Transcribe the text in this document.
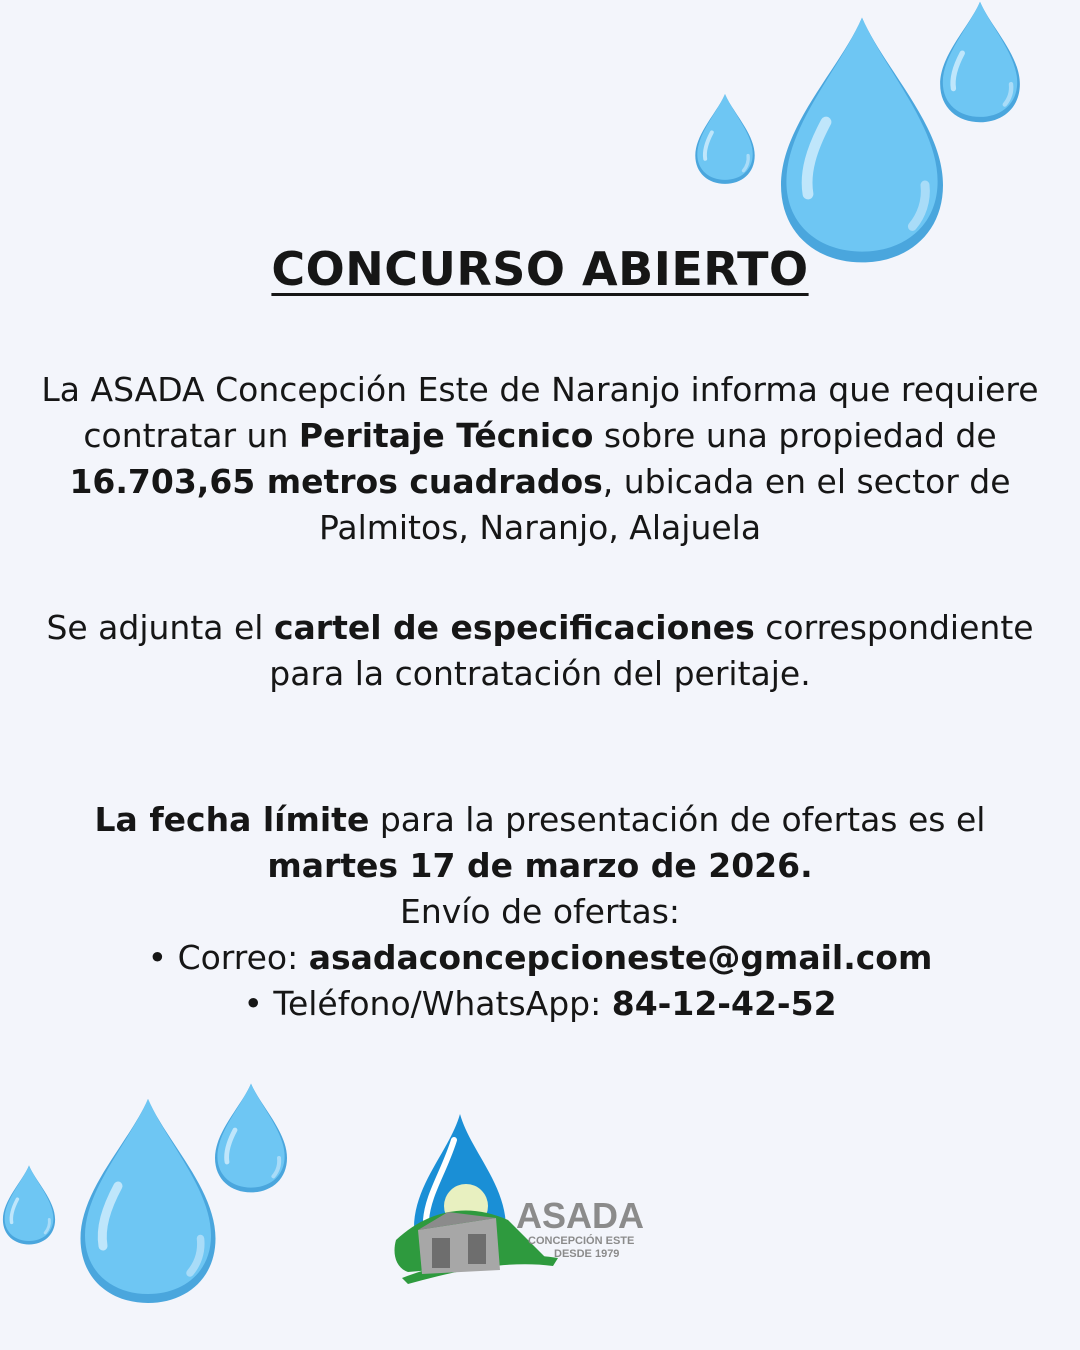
CONCURSO ABIERTO

La ASADA Concepción Este de Naranjo informa que requiere contratar un Peritaje Técnico sobre una propiedad de 16.703,65 metros cuadrados, ubicada en el sector de Palmitos, Naranjo, Alajuela

Se adjunta el cartel de especificaciones correspondiente para la contratación del peritaje.

La fecha límite para la presentación de ofertas es el
martes 17 de marzo de 2026.
Envío de ofertas:
• Correo: asadaconcepcioneste@gmail.com
• Teléfono/WhatsApp: 84-12-42-52

ASADA
CONCEPCIÓN ESTE
DESDE 1979
